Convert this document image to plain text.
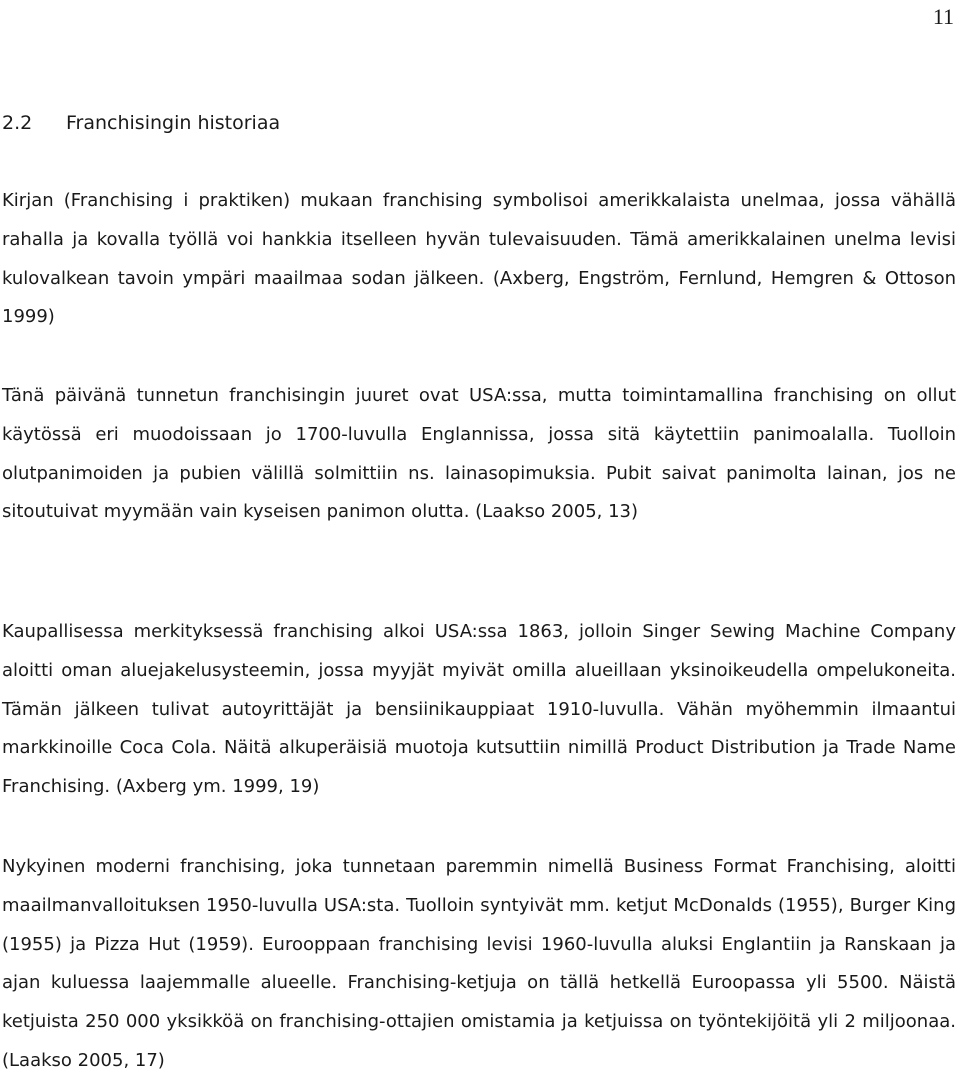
11
2.2 Franchisingin historiaa

Kirjan (Franchising i praktiken) mukaan franchising symbolisoi amerikkalaista unelmaa, jossa vähällä rahalla ja kovalla työllä voi hankkia itselleen hyvän tulevaisuuden. Tämä amerikkalainen unelma levisi kulovalkean tavoin ympäri maailmaa sodan jälkeen. (Axberg, Engström, Fernlund, Hemgren & Ottoson 1999)

Tänä päivänä tunnetun franchisingin juuret ovat USA:ssa, mutta toimintamallina franchising on ollut käytössä eri muodoissaan jo 1700-luvulla Englannissa, jossa sitä käytettiin panimoalalla. Tuolloin olutpanimoiden ja pubien välillä solmittiin ns. lainasopimuksia. Pubit saivat panimolta lainan, jos ne sitoutuivat myymään vain kyseisen panimon olutta. (Laakso 2005, 13)

Kaupallisessa merkityksessä franchising alkoi USA:ssa 1863, jolloin Singer Sewing Machine Company aloitti oman aluejakelusysteemin, jossa myyjät myivät omilla alueillaan yksinoikeudella ompelukoneita. Tämän jälkeen tulivat autoyrittäjät ja bensiinikauppiaat 1910-luvulla. Vähän myöhemmin ilmaantui markkinoille Coca Cola. Näitä alkuperäisiä muotoja kutsuttiin nimillä Product Distribution ja Trade Name Franchising. (Axberg ym. 1999, 19)

Nykyinen moderni franchising, joka tunnetaan paremmin nimellä Business Format Franchising, aloitti maailmanvalloituksen 1950-luvulla USA:sta. Tuolloin syntyivät mm. ketjut McDonalds (1955), Burger King (1955) ja Pizza Hut (1959). Eurooppaan franchising levisi 1960-luvulla aluksi Englantiin ja Ranskaan ja ajan kuluessa laajemmalle alueelle. Franchising-ketjuja on tällä hetkellä Euroopassa yli 5500. Näistä ketjuista 250 000 yksikköä on franchising-ottajien omistamia ja ketjuissa on työntekijöitä yli 2 miljoonaa. (Laakso 2005, 17)
